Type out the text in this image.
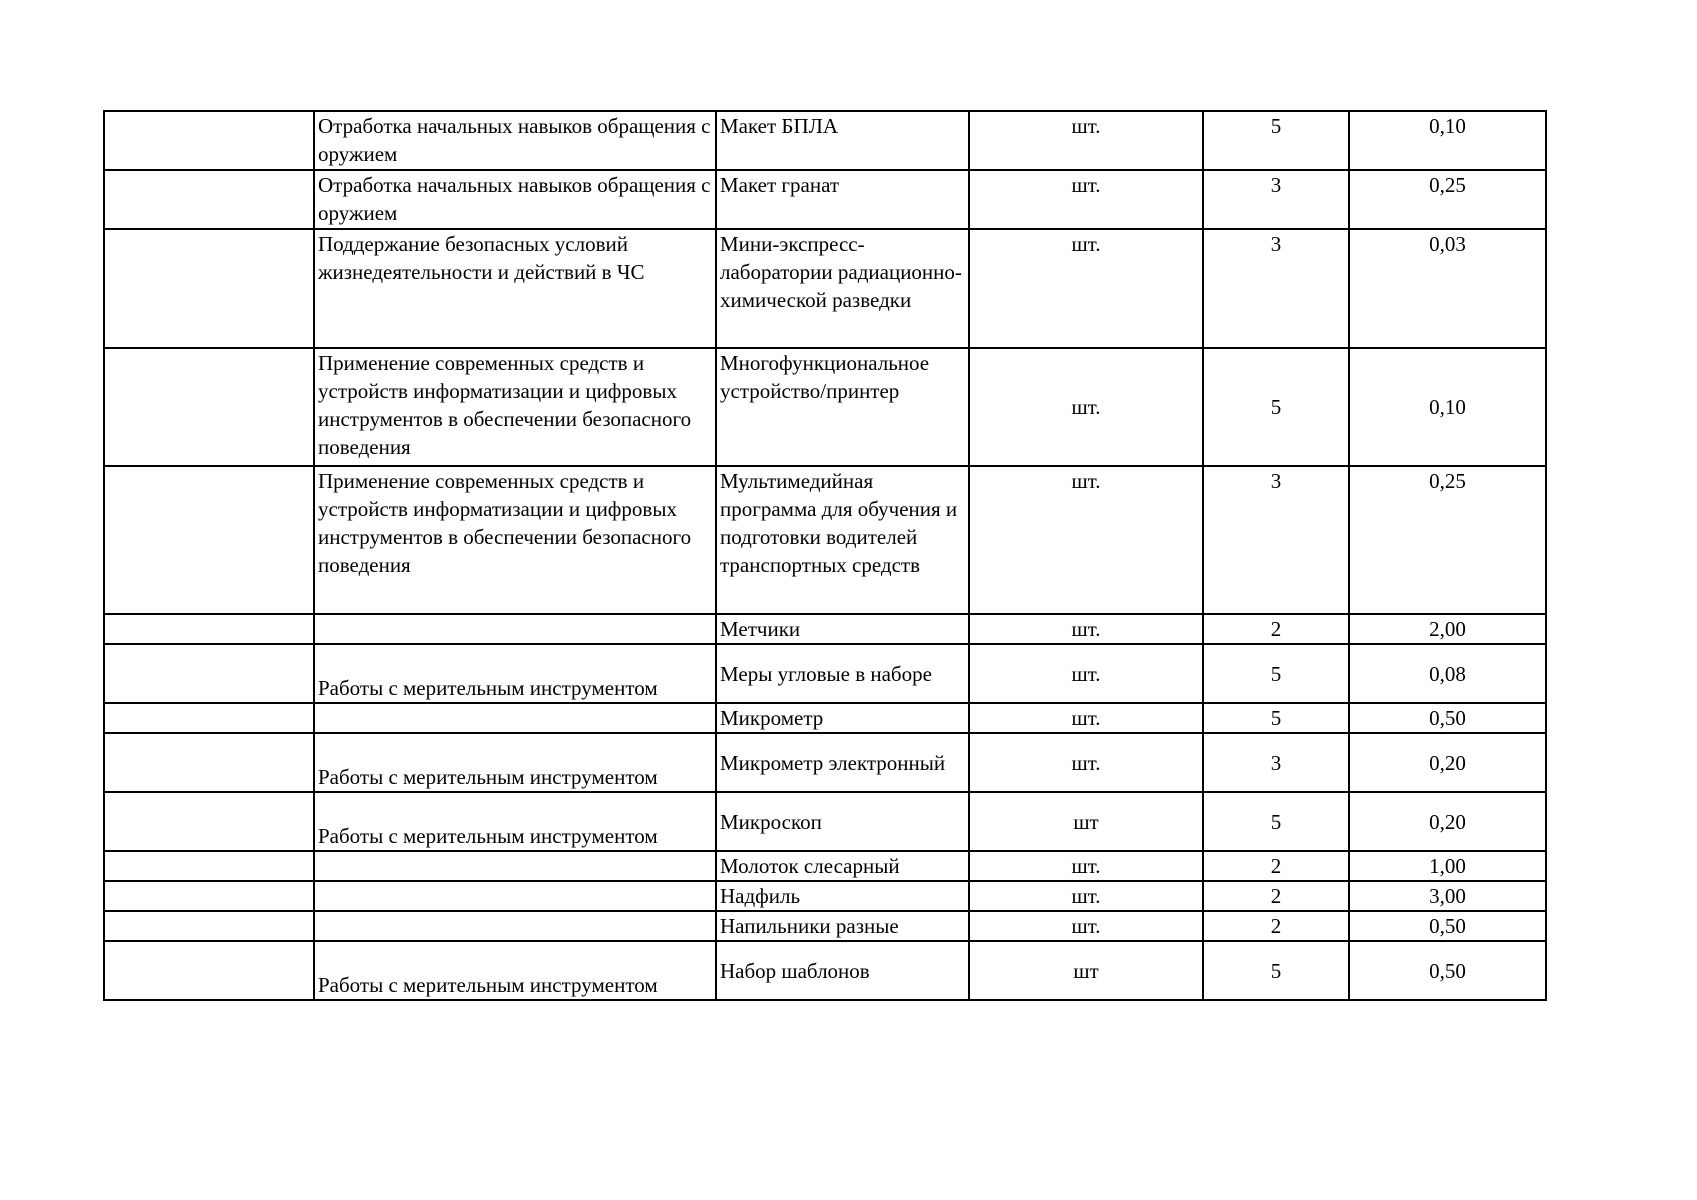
	Отработка начальных навыков обращения с оружием	Макет БПЛА	шт.	5	0,10
	Отработка начальных навыков обращения с оружием	Макет гранат	шт.	3	0,25
	Поддержание безопасных условий жизнедеятельности и действий в ЧС	Мини-экспресс-лаборатории радиационно-химической разведки	шт.	3	0,03
	Применение современных средств и устройств информатизации и цифровых инструментов в обеспечении безопасного поведения	Многофункциональное устройство/принтер	шт.	5	0,10
	Применение современных средств и устройств информатизации и цифровых инструментов в обеспечении безопасного поведения	Мультимедийная программа для обучения и подготовки водителей транспортных средств	шт.	3	0,25
		Метчики	шт.	2	2,00
	Работы с мерительным инструментом	Меры угловые в наборе	шт.	5	0,08
		Микрометр	шт.	5	0,50
	Работы с мерительным инструментом	Микрометр электронный	шт.	3	0,20
	Работы с мерительным инструментом	Микроскоп	шт	5	0,20
		Молоток слесарный	шт.	2	1,00
		Надфиль	шт.	2	3,00
		Напильники разные	шт.	2	0,50
	Работы с мерительным инструментом	Набор шаблонов	шт	5	0,50
